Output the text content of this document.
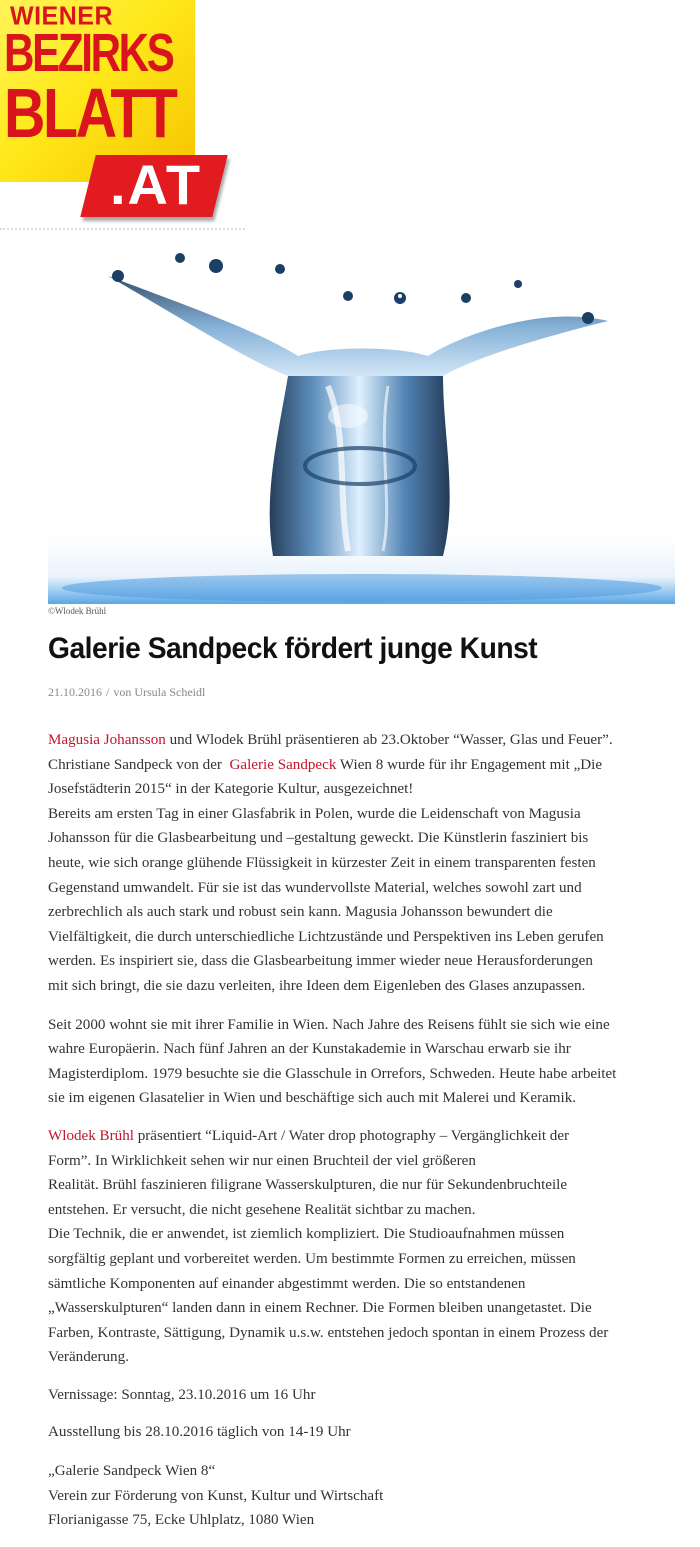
WIENER
BEZIRKS
BLATT
.AT
©Wlodek Brühl
Galerie Sandpeck fördert junge Kunst
21.10.2016 / von Ursula Scheidl

Magusia Johansson und Wlodek Brühl präsentieren ab 23.Oktober “Wasser, Glas und Feuer”.
Christiane Sandpeck von der  Galerie Sandpeck Wien 8 wurde für ihr Engagement mit „Die
Josefstädterin 2015“ in der Kategorie Kultur, ausgezeichnet!
Bereits am ersten Tag in einer Glasfabrik in Polen, wurde die Leidenschaft von Magusia
Johansson für die Glasbearbeitung und –gestaltung geweckt. Die Künstlerin fasziniert bis
heute, wie sich orange glühende Flüssigkeit in kürzester Zeit in einem transparenten festen
Gegenstand umwandelt. Für sie ist das wundervollste Material, welches sowohl zart und
zerbrechlich als auch stark und robust sein kann. Magusia Johansson bewundert die
Vielfältigkeit, die durch unterschiedliche Lichtzustände und Perspektiven ins Leben gerufen
werden. Es inspiriert sie, dass die Glasbearbeitung immer wieder neue Herausforderungen
mit sich bringt, die sie dazu verleiten, ihre Ideen dem Eigenleben des Glases anzupassen.

Seit 2000 wohnt sie mit ihrer Familie in Wien. Nach Jahre des Reisens fühlt sie sich wie eine
wahre Europäerin. Nach fünf Jahren an der Kunstakademie in Warschau erwarb sie ihr
Magisterdiplom. 1979 besuchte sie die Glasschule in Orrefors, Schweden. Heute habe arbeitet
sie im eigenen Glasatelier in Wien und beschäftige sich auch mit Malerei und Keramik.

Wlodek Brühl präsentiert “Liquid-Art / Water drop photography – Vergänglichkeit der
Form”. In Wirklichkeit sehen wir nur einen Bruchteil der viel größeren
Realität. Brühl faszinieren filigrane Wasserskulpturen, die nur für Sekundenbruchteile
entstehen. Er versucht, die nicht gesehene Realität sichtbar zu machen.
Die Technik, die er anwendet, ist ziemlich kompliziert. Die Studioaufnahmen müssen
sorgfältig geplant und vorbereitet werden. Um bestimmte Formen zu erreichen, müssen
sämtliche Komponenten auf einander abgestimmt werden. Die so entstandenen
„Wasserskulpturen“ landen dann in einem Rechner. Die Formen bleiben unangetastet. Die
Farben, Kontraste, Sättigung, Dynamik u.s.w. entstehen jedoch spontan in einem Prozess der
Veränderung.
Vernissage: Sonntag, 23.10.2016 um 16 Uhr
Ausstellung bis 28.10.2016 täglich von 14-19 Uhr
„Galerie Sandpeck Wien 8“
Verein zur Förderung von Kunst, Kultur und Wirtschaft
Florianigasse 75, Ecke Uhlplatz, 1080 Wien
